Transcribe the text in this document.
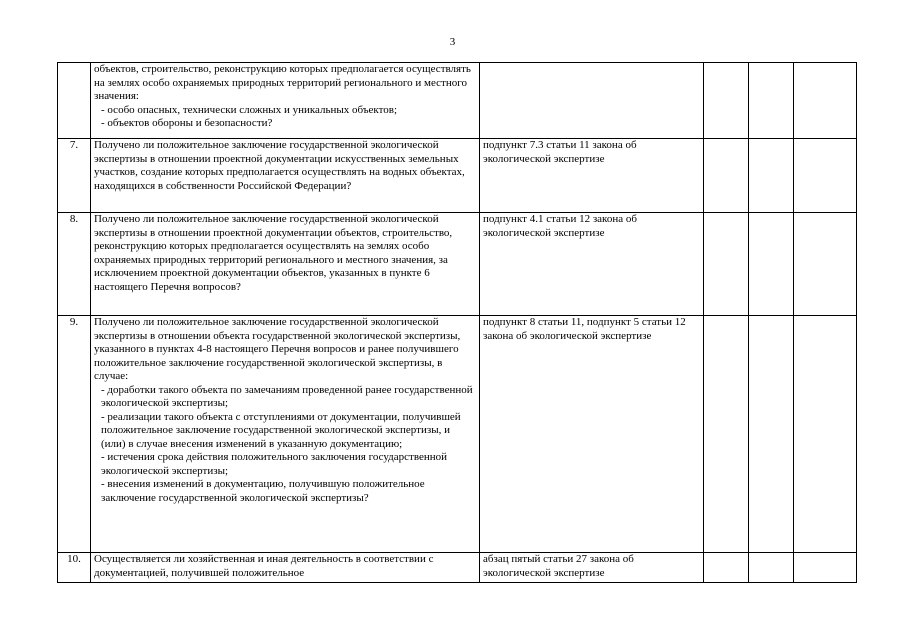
3
	объектов, строительство, реконструкцию которых предполагается осуществлять на землях особо охраняемых природных территорий регионального и местного значения:
- особо опасных, технически сложных и уникальных объектов;
- объектов обороны и безопасности?				

7.	Получено ли положительное заключение государственной экологической экспертизы в отношении проектной документации искусственных земельных участков, создание которых предполагается осуществлять на водных объектах, находящихся в собственности Российской Федерации?	подпункт 7.3 статьи 11 закона об экологической экспертизе			
8.	Получено ли положительное заключение государственной экологической экспертизы в отношении проектной документации объектов, строительство, реконструкцию которых предполагается осуществлять на землях особо охраняемых природных территорий регионального и местного значения, за исключением проектной документации объектов, указанных в пункте 6 настоящего Перечня вопросов?	подпункт 4.1 статьи 12 закона об экологической экспертизе			
9.	Получено ли положительное заключение государственной экологической экспертизы в отношении объекта государственной экологической экспертизы, указанного в пунктах 4-8 настоящего Перечня вопросов и ранее получившего положительное заключение государственной экологической экспертизы, в случае:
- доработки такого объекта по замечаниям проведенной ранее государственной экологической экспертизы;
- реализации такого объекта с отступлениями от документации, получившей положительное заключение государственной экологической экспертизы, и (или) в случае внесения изменений в указанную документацию;
- истечения срока действия положительного заключения государственной экологической экспертизы;
- внесения изменений в документацию, получившую положительное заключение государственной экологической экспертизы?	подпункт 8 статьи 11, подпункт 5 статьи 12 закона об экологической экспертизе			
10.	Осуществляется ли хозяйственная и иная деятельность в соответствии с документацией, получившей положительное	абзац пятый статьи 27 закона об экологической экспертизе			
